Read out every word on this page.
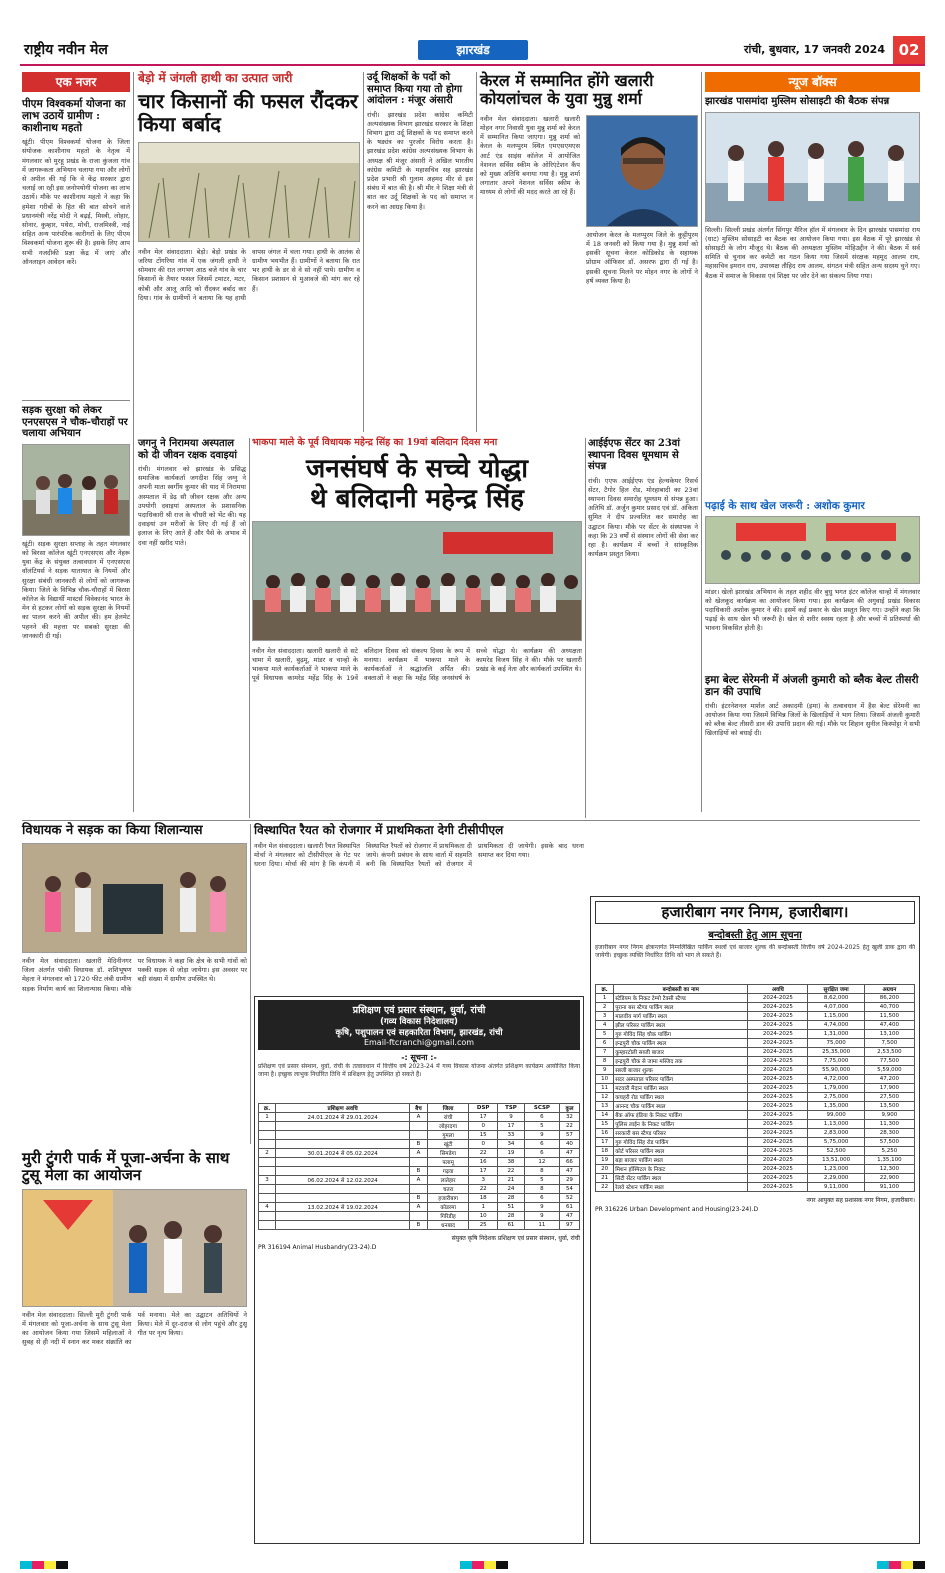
राष्ट्रीय नवीन मेल	झारखंड	रांची, बुधवार, 17 जनवरी 2024 02
एक नजर
पीएम विश्वकर्मा योजना का लाभ उठायें ग्रामीण : काशीनाथ महतो
खूंटी। पीएम विश्वकर्मा योजना के जिला संयोजक काशीनाथ महतो के नेतृत्व में मंगलवार को मुरहू प्रखंड के राजा कुंजला गांव में जागरूकता अभियान चलाया गया और लोगों से अपील की गई कि वे केंद्र सरकार द्वारा चलाई जा रही इस जनोपयोगी योजना का लाभ उठायें। मौके पर काशीनाथ महतो ने कहा कि हमेशा गरीबों के हित की बात सोचने वाले प्रधानमंत्री नरेंद्र मोदी ने बढ़ई, मिस्त्री, लोहार, सोनार, कुम्हार, पथेरा, मोची, राजमिस्त्री, नाई सहित अन्य पारंपरिक कारीगरों के लिए पीएम विश्वकर्मा योजना शुरू की है। इसके लिए आप सभी नजदीकी प्रज्ञा केंद्र में जाएं और ऑनलाइन आवेदन करें।
सड़क सुरक्षा को लेकर एनएसएस ने चौक-चौराहों पर चलाया अभियान
खूंटी। सड़क सुरक्षा सप्ताह के तहत मंगलवार को बिरसा कॉलेज खूंटी एनएसएस और नेहरू युवा केंद्र के संयुक्त तत्वावधान में एनएसएस वॉलंटियर्स ने सड़क यातायात के नियमों और सुरक्षा संबंधी जानकारी से लोगों को जागरूक किया। जिले के विभिन्न चौक-चौराहों में बिरसा कॉलेज के विद्यार्थी मास्टर्स विवेकानंद भारत के मेन से हटकर लोगों को सड़क सुरक्षा के नियमों का पालन करने की अपील की। हम हेलमेट पहनने की महत्ता पर सबको सुरक्षा की जानकारी दी गई।
बेड़ो में जंगली हाथी का उत्पात जारी
चार किसानों की फसल रौंदकर किया बर्बाद
नवीन मेल संवाददाता। बेड़ो। बेड़ो प्रखंड के जरिया टोंगरिया गांव में एक जंगली हाथी ने सोमवार की रात लगभग आठ बजे गांव के चार किसानों के तैयार फसल जिसमें टमाटर, मटर, कोबी और आलू आदि को रौंदकर बर्बाद कर दिया। गांव के ग्रामीणों ने बताया कि यह हाथी वापस जंगल में चला गया। हाथी के आतंक से ग्रामीण भयभीत हैं। ग्रामीणों ने बताया कि रात भर हाथी के डर से वे सो नहीं पाये। ग्रामीण व किसान प्रशासन से मुआवजे की मांग कर रहे हैं।
उर्दू शिक्षकों के पदों को समाप्त किया गया तो होगा आंदोलन : मंजूर अंसारी
रांची। झारखंड प्रदेश कांग्रेस कमिटी अल्पसंख्यक विभाग झारखंड सरकार के शिक्षा विभाग द्वारा उर्दू शिक्षकों के पद समाप्त करने के षड्यंत्र का पुरजोर विरोध करता है। झारखंड प्रदेश कांग्रेस अल्पसंख्यक विभाग के अध्यक्ष श्री मंजूर अंसारी ने अखिल भारतीय कांग्रेस कमिटी के महासचिव सह झारखंड प्रदेश प्रभारी श्री गुलाम अहमद मीर से इस संबंध में बात की है। श्री मीर ने शिक्षा मंत्री से बात कर उर्दू शिक्षकों के पद को समाप्त न करने का आग्रह किया है।
केरल में सम्मानित होंगे खलारी कोयलांचल के युवा मुन्नु शर्मा
नवीन मेल संवाददाता। खलारी खलारी मोहन नगर निवासी युवा मुन्नु शर्मा को केरल में सम्मानित किया जाएगा। मुन्नु शर्मा को केरल के मलप्पुरम स्थित एमएसएमएस आर्ट एंड साइंस कॉलेज में आयोजित नेशनल सर्विस स्कीम के ओरिएंटेशन कैंप को मुख्य अतिथि बनाया गया है। मुन्नु शर्मा लगातार अपने नेशनल सर्विस स्कीम के माध्यम से लोगों की मदद करते आ रहे हैं।
आयोजन केरल के मलप्पुरम जिले के कुट्टीपुरम में 18 जनवरी को किया गया है। मुन्नु शर्मा को इसकी सूचना केरल कोडिकोड के सहायक प्रोग्राम ऑफिसर डॉ. असरफ द्वारा दी गई है। इसकी सूचना मिलने पर मोहन नगर के लोगों ने हर्ष व्यक्त किया है।
न्यूज बॉक्स
झारखंड पासमांदा मुस्लिम सोसाइटी की बैठक संपन्न
सिल्ली। सिल्ली प्रखंड अंतर्गत सिंगपुर मैरिज हॉल में मंगलवार के दिन झारखंड पासमांदा राय (धाट) मुस्लिम सोसाइटी का बैठक का आयोजन किया गया। इस बैठक में पूरे झारखंड से सोसाइटी के लोग मौजूद थे। बैठक की अध्यक्षता मुस्लिम मोहिउद्दीन ने की। बैठक में सर्व समिति से चुनाव कर कमेटी का गठन किया गया जिसमें संरक्षक महमूद आलम राय, महासचिव इमरान राय, उपाध्यक्ष तौहिद राय आलम, संगठन मंत्री सहित अन्य सदस्य चुने गए। बैठक में समाज के विकास एवं शिक्षा पर जोर देने का संकल्प लिया गया।
पढ़ाई के साथ खेल जरूरी : अशोक कुमार
मांडर। खेलो झारखंड अभियान के तहत शहीद वीर बुधु भगत इंटर कॉलेज चान्हो में मंगलवार को खेलकूद कार्यक्रम का आयोजन किया गया। इस कार्यक्रम की अगुवाई प्रखंड विकास पदाधिकारी अशोक कुमार ने की। इसमें कई प्रकार के खेल प्रस्तुत किए गए। उन्होंने कहा कि पढ़ाई के साथ खेल भी जरूरी है। खेल से शरीर स्वस्थ रहता है और बच्चों में प्रतिस्पर्धा की भावना विकसित होती है।
इमा बेल्ट सेरेमनी में अंजली कुमारी को ब्लैक बेल्ट तीसरी डान की उपाधि
रांची। इंटरनेशनल मार्शल आर्ट अकादमी (इमा) के तत्वावधान में हैस बेल्ट सेरेमनी का आयोजन किया गया जिसमें विभिन्न जिलों के खिलाड़ियों ने भाग लिया। जिसमें अंजली कुमारी को ब्लैक बेल्ट तीसरी डान की उपाधि प्रदान की गई। मौके पर शिहान सुनील किस्पोट्टा ने सभी खिलाड़ियों को बधाई दी।
जगनु ने निरामया अस्पताल को दी जीवन रक्षक दवाइयां
रांची। मंगलवार को झारखंड के प्रसिद्ध समाजिक कार्यकर्ता जगदीश सिंह जग्नु ने अपनी माता स्वर्गीय कुमार की याद में निरामया अस्पताल में डेढ़ सौ जीवन रक्षक और अन्य उपयोगी दवाइयां अस्पताल के प्रशासनिक पदाधिकारी श्री राज के चौधरी को भेंट की। यह दवाइयां उन मरीजों के लिए दी गई हैं जो इलाज के लिए आते हैं और पैसे के अभाव में दवा नहीं खरीद पाते।
भाकपा माले के पूर्व विधायक महेन्द्र सिंह का 19वां बलिदान दिवस मना
जनसंघर्ष के सच्चे योद्धा
थे बलिदानी महेन्द्र सिंह
नवीन मेल संवाददाता। खलारी खलारी से सटे चामा में खलारी, बुढ़मू, मांडर व चान्हो के भाकपा माले कार्यकर्ताओं ने भाकपा माले के पूर्व विधायक कामरेड महेंद्र सिंह के 19वें बलिदान दिवस को संकल्प दिवस के रूप में मनाया। कार्यक्रम में भाकपा माले के कार्यकर्ताओं ने श्रद्धांजलि अर्पित की। वक्ताओं ने कहा कि महेंद्र सिंह जनसंघर्ष के सच्चे योद्धा थे। कार्यक्रम की अध्यक्षता कामरेड विजय सिंह ने की। मौके पर खलारी प्रखंड के कई नेता और कार्यकर्ता उपस्थित थे।
आईईएफ सेंटर का 23वां स्थापना दिवस धूमधाम से संपन्न
रांची। एएफ आईईएफ एंड हेल्थकेयर रिसर्च सेंटर, टैगोर हिल रोड, मोरहाबादी का 23वां स्थापना दिवस समारोह धूमधाम से संपन्न हुआ। अतिथि डॉ. अर्जुन कुमार प्रसाद एवं डॉ. अंकिता सुमित ने दीप प्रज्वलित कर समारोह का उद्घाटन किया। मौके पर सेंटर के संस्थापक ने कहा कि 23 वर्षों से संस्थान लोगों की सेवा कर रहा है। कार्यक्रम में बच्चों ने सांस्कृतिक कार्यक्रम प्रस्तुत किया।
विधायक ने सड़क का किया शिलान्यास
नवीन मेल संवाददाता। खलारी मेदिनीनगर जिला अंतर्गत पांकी विधायक डॉ. शशिभूषण मेहता ने मंगलवार को 1720 फीट लंबी ग्रामीण सड़क निर्माण कार्य का शिलान्यास किया। मौके पर विधायक ने कहा कि क्षेत्र के सभी गांवों को पक्की सड़क से जोड़ा जायेगा। इस अवसर पर बड़ी संख्या में ग्रामीण उपस्थित थे।
विस्थापित रैयत को रोजगार में प्राथमिकता देगी टीसीपीएल
नवीन मेल संवाददाता। खलारी रैयत विस्थापित मोर्चा ने मंगलवार को टीसीपीएल के गेट पर धरना दिया। मोर्चा की मांग है कि कंपनी में विस्थापित रैयतों को रोजगार में प्राथमिकता दी जाये। कंपनी प्रबंधन के साथ वार्ता में सहमति बनी कि विस्थापित रैयतों को रोजगार में प्राथमिकता दी जायेगी। इसके बाद धरना समाप्त कर दिया गया।
प्रशिक्षण एवं प्रसार संस्थान, धुर्वा, रांची
(गव्य विकास निदेशालय)
कृषि, पशुपालन एवं सहकारिता विभाग, झारखंड, रांची
Email-ftcranchi@gmail.com
-: सूचना :-
प्रशिक्षण एवं प्रसार संस्थान, धुर्वा, रांची के तत्वावधान में वित्तीय वर्ष 2023-24 में गव्य विकास योजना अंतर्गत प्रशिक्षण कार्यक्रम आयोजित किया जाना है। इच्छुक लाभुक निर्धारित तिथि में प्रशिक्षण हेतु उपस्थित हो सकते हैं।
क्र.	प्रशिक्षण अवधि	बैच	जिला	DSP	TSP	SCSP	कुल
1	24.01.2024 से 29.01.2024	A	रांची	17	9	6	32
			लोहरदगा	0	17	5	22
			गुमला	15	33	9	57
		B	खूंटी	0	34	6	40
2	30.01.2024 से 05.02.2024	A	सिमडेगा	22	19	6	47
			पलामू	16	38	12	66
		B	गढ़वा	17	22	8	47
3	06.02.2024 से 12.02.2024	A	लातेहार	3	21	5	29
			चतरा	22	24	8	54
		B	हजारीबाग	18	28	6	52
4	13.02.2024 से 19.02.2024	A	कोडरमा	1	51	9	61
			गिरिडीह	10	28	9	47
		B	धनबाद	25	61	11	97
संयुक्त कृषि निदेशक प्रशिक्षण एवं प्रसार संस्थान, धुर्वा, रांची
PR 316194 Animal Husbandry(23-24).D
मुरी टुंगरी पार्क में पूजा-अर्चना के साथ टुसू मेला का आयोजन
नवीन मेल संवाददाता। सिल्ली मुरी टुंगरी पार्क में मंगलवार को पूजा-अर्चना के साथ टुसू मेला का आयोजन किया गया जिसमें महिलाओं ने सुबह से ही नदी में स्नान कर मकर संक्रांति का पर्व मनाया। मेले का उद्घाटन अतिथियों ने किया। मेले में दूर-दराज से लोग पहुंचे और टुसू गीत पर नृत्य किया।
हजारीबाग नगर निगम, हजारीबाग।
बन्दोबस्ती हेतु आम सूचना
हजारीबाग नगर निगम क्षेत्रान्तर्गत निम्नलिखित पार्किंग स्थलों एवं बाजार शुल्क की बन्दोबस्ती वित्तीय वर्ष 2024-2025 हेतु खुली डाक द्वारा की जायेगी। इच्छुक व्यक्ति निर्धारित तिथि को भाग ले सकते हैं।
क्र.	बन्दोबस्ती का नाम	अवधि	सुरक्षित जमा	अग्रधन
1	स्टेडियम के निकट टेम्पो टैक्सी स्टैण्ड	2024-2025	8,62,000	86,200
2	पुराना बस स्टैण्ड पार्किंग स्थल	2024-2025	4,07,000	40,700
3	मालवीय मार्ग पार्किंग स्थल	2024-2025	1,15,000	11,500
4	झील परिसर पार्किंग स्थल	2024-2025	4,74,000	47,400
5	गुरु गोविंद सिंह चौक पार्किंग	2024-2025	1,31,000	13,100
6	इन्द्रपुरी चौक पार्किंग स्थल	2024-2025	75,000	7,500
7	कुम्हारटोली सब्जी बाजार	2024-2025	25,35,000	2,53,500
8	इन्द्रपुरी चौक से जामा मस्जिद तक	2024-2025	7,75,000	77,500
9	सब्जी बाजार शुल्क	2024-2025	55,90,000	5,59,000
10	सदर अस्पताल परिसर पार्किंग	2024-2025	4,72,000	47,200
11	मटवारी मैदान पार्किंग स्थल	2024-2025	1,79,000	17,900
12	कचहरी रोड पार्किंग स्थल	2024-2025	2,75,000	27,500
13	आनन्द चौक पार्किंग स्थल	2024-2025	1,35,000	13,500
14	बैंक ऑफ इंडिया के निकट पार्किंग	2024-2025	99,000	9,900
15	पुलिस लाईन के निकट पार्किंग	2024-2025	1,13,000	11,300
16	सरकारी बस स्टैण्ड परिसर	2024-2025	2,83,000	28,300
17	गुरु गोविंद सिंह रोड पार्किंग	2024-2025	5,75,000	57,500
18	कोर्ट परिसर पार्किंग स्थल	2024-2025	52,500	5,250
19	बड़ा बाजार पार्किंग स्थल	2024-2025	13,51,000	1,35,100
20	मिशन हॉस्पिटल के निकट	2024-2025	1,23,000	12,300
21	सिटी सेंटर पार्किंग स्थल	2024-2025	2,29,000	22,900
22	रेलवे स्टेशन पार्किंग स्थल	2024-2025	9,11,000	91,100
नगर आयुक्त सह प्रशासक नगर निगम, हजारीबाग।
PR 316226 Urban Development and Housing(23-24).D
